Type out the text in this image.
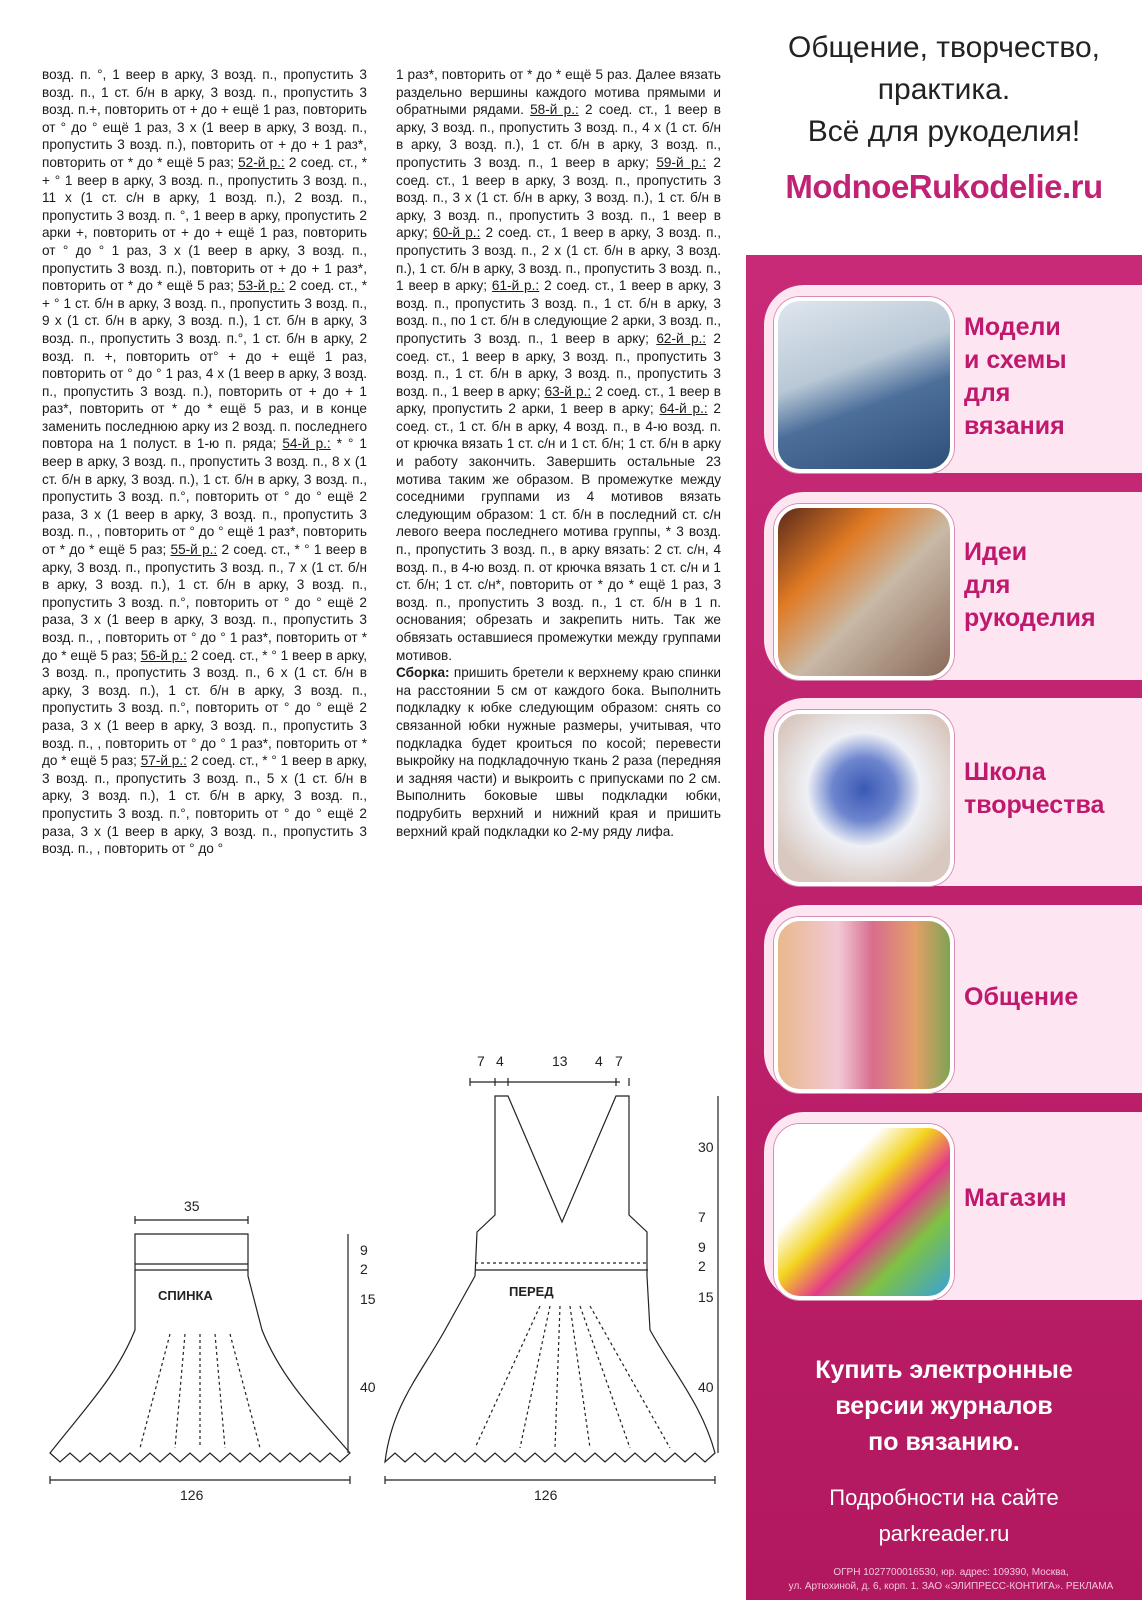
возд. п. °, 1 веер в арку, 3 возд. п., пропустить 3 возд. п., 1 ст. б/н в арку, 3 возд. п., пропустить 3 возд. п.+, повторить от + до + ещё 1 раз, повторить от ° до ° ещё 1 раз, 3 х (1 веер в арку, 3 возд. п., пропустить 3 возд. п.), повторить от + до + 1 раз*, повторить от * до * ещё 5 раз; 52-й р.: 2 соед. ст., * + ° 1 веер в арку, 3 возд. п., пропустить 3 возд. п., 11 х (1 ст. с/н в арку, 1 возд. п.), 2 возд. п., пропустить 3 возд. п. °, 1 веер в арку, пропустить 2 арки +, повторить от + до + ещё 1 раз, повторить от ° до ° 1 раз, 3 х (1 веер в арку, 3 возд. п., пропустить 3 возд. п.), повторить от + до + 1 раз*, повторить от * до * ещё 5 раз; 53-й р.: 2 соед. ст., * + ° 1 ст. б/н в арку, 3 возд. п., пропустить 3 возд. п., 9 х (1 ст. б/н в арку, 3 возд. п.), 1 ст. б/н в арку, 3 возд. п., пропустить 3 возд. п.°, 1 ст. б/н в арку, 2 возд. п. +, повторить от° + до + ещё 1 раз, повторить от ° до ° 1 раз, 4 х (1 веер в арку, 3 возд. п., пропустить 3 возд. п.), повторить от + до + 1 раз*, повторить от * до * ещё 5 раз, и в конце заменить последнюю арку из 2 возд. п. последнего повтора на 1 полуст. в 1-ю п. ряда; 54-й р.: * ° 1 веер в арку, 3 возд. п., пропустить 3 возд. п., 8 х (1 ст. б/н в арку, 3 возд. п.), 1 ст. б/н в арку, 3 возд. п., пропустить 3 возд. п.°, повторить от ° до ° ещё 2 раза, 3 х (1 веер в арку, 3 возд. п., пропустить 3 возд. п., , повторить от ° до ° ещё 1 раз*, повторить от * до * ещё 5 раз; 55-й р.: 2 соед. ст., * ° 1 веер в арку, 3 возд. п., пропустить 3 возд. п., 7 х (1 ст. б/н в арку, 3 возд. п.), 1 ст. б/н в арку, 3 возд. п., пропустить 3 возд. п.°, повторить от ° до ° ещё 2 раза, 3 х (1 веер в арку, 3 возд. п., пропустить 3 возд. п., , повторить от ° до ° 1 раз*, повторить от * до * ещё 5 раз; 56-й р.: 2 соед. ст., * ° 1 веер в арку, 3 возд. п., пропустить 3 возд. п., 6 х (1 ст. б/н в арку, 3 возд. п.), 1 ст. б/н в арку, 3 возд. п., пропустить 3 возд. п.°, повторить от ° до ° ещё 2 раза, 3 х (1 веер в арку, 3 возд. п., пропустить 3 возд. п., , повторить от ° до ° 1 раз*, повторить от * до * ещё 5 раз; 57-й р.: 2 соед. ст., * ° 1 веер в арку, 3 возд. п., пропустить 3 возд. п., 5 х (1 ст. б/н в арку, 3 возд. п.), 1 ст. б/н в арку, 3 возд. п., пропустить 3 возд. п.°, повторить от ° до ° ещё 2 раза, 3 х (1 веер в арку, 3 возд. п., пропустить 3 возд. п., , повторить от ° до °
1 раз*, повторить от * до * ещё 5 раз. Далее вязать раздельно вершины каждого мотива прямыми и обратными рядами. 58-й р.: 2 соед. ст., 1 веер в арку, 3 возд. п., пропустить 3 возд. п., 4 х (1 ст. б/н в арку, 3 возд. п.), 1 ст. б/н в арку, 3 возд. п., пропустить 3 возд. п., 1 веер в арку; 59-й р.: 2 соед. ст., 1 веер в арку, 3 возд. п., пропустить 3 возд. п., 3 х (1 ст. б/н в арку, 3 возд. п.), 1 ст. б/н в арку, 3 возд. п., пропустить 3 возд. п., 1 веер в арку; 60-й р.: 2 соед. ст., 1 веер в арку, 3 возд. п., пропустить 3 возд. п., 2 х (1 ст. б/н в арку, 3 возд. п.), 1 ст. б/н в арку, 3 возд. п., пропустить 3 возд. п., 1 веер в арку; 61-й р.: 2 соед. ст., 1 веер в арку, 3 возд. п., пропустить 3 возд. п., 1 ст. б/н в арку, 3 возд. п., по 1 ст. б/н в следующие 2 арки, 3 возд. п., пропустить 3 возд. п., 1 веер в арку; 62-й р.: 2 соед. ст., 1 веер в арку, 3 возд. п., пропустить 3 возд. п., 1 ст. б/н в арку, 3 возд. п., пропустить 3 возд. п., 1 веер в арку; 63-й р.: 2 соед. ст., 1 веер в арку, пропустить 2 арки, 1 веер в арку; 64-й р.: 2 соед. ст., 1 ст. б/н в арку, 4 возд. п., в 4-ю возд. п. от крючка вязать 1 ст. с/н и 1 ст. б/н; 1 ст. б/н в арку и работу закончить. Завершить остальные 23 мотива таким же образом. В промежутке между соседними группами из 4 мотивов вязать следующим образом: 1 ст. б/н в последний ст. с/н левого веера последнего мотива группы, * 3 возд. п., пропустить 3 возд. п., в арку вязать: 2 ст. с/н, 4 возд. п., в 4-ю возд. п. от крючка вязать 1 ст. с/н и 1 ст. б/н; 1 ст. с/н*, повторить от * до * ещё 1 раз, 3 возд. п., пропустить 3 возд. п., 1 ст. б/н в 1 п. основания; обрезать и закрепить нить. Так же обвязать оставшиеся промежутки между группами мотивов.
Сборка: пришить бретели к верхнему краю спинки на расстоянии 5 см от каждого бока. Выполнить подкладку к юбке следующим образом: снять со связанной юбки нужные размеры, учитывая, что подкладка будет кроиться по косой; перевести выкройку на подкладочную ткань 2 раза (передняя и задняя части) и выкроить с припусками по 2 см. Выполнить боковые швы подкладки юбки, подрубить верхний и нижний края и пришить верхний край подкладки ко 2-му ряду лифа.
СПИНКА
35
126
9
2
15
40
ПЕРЕД
7 4	13 4 7
30
7
9
2
15
40
126
Общение, творчество,
практика.
Всё для рукоделия!
ModnoeRukodelie.ru
Модели
и схемы
для
вязания
Идеи
для
рукоделия
Школа
творчества
Общение
Магазин
Купить электронные
версии журналов
по вязанию.
Подробности на сайте
parkreader.ru
ОГРН 1027700016530, юр. адрес: 109390, Москва,
ул. Артюхиной, д. 6, корп. 1. ЗАО «ЭЛИПРЕСС-КОНТИГА». РЕКЛАМА
